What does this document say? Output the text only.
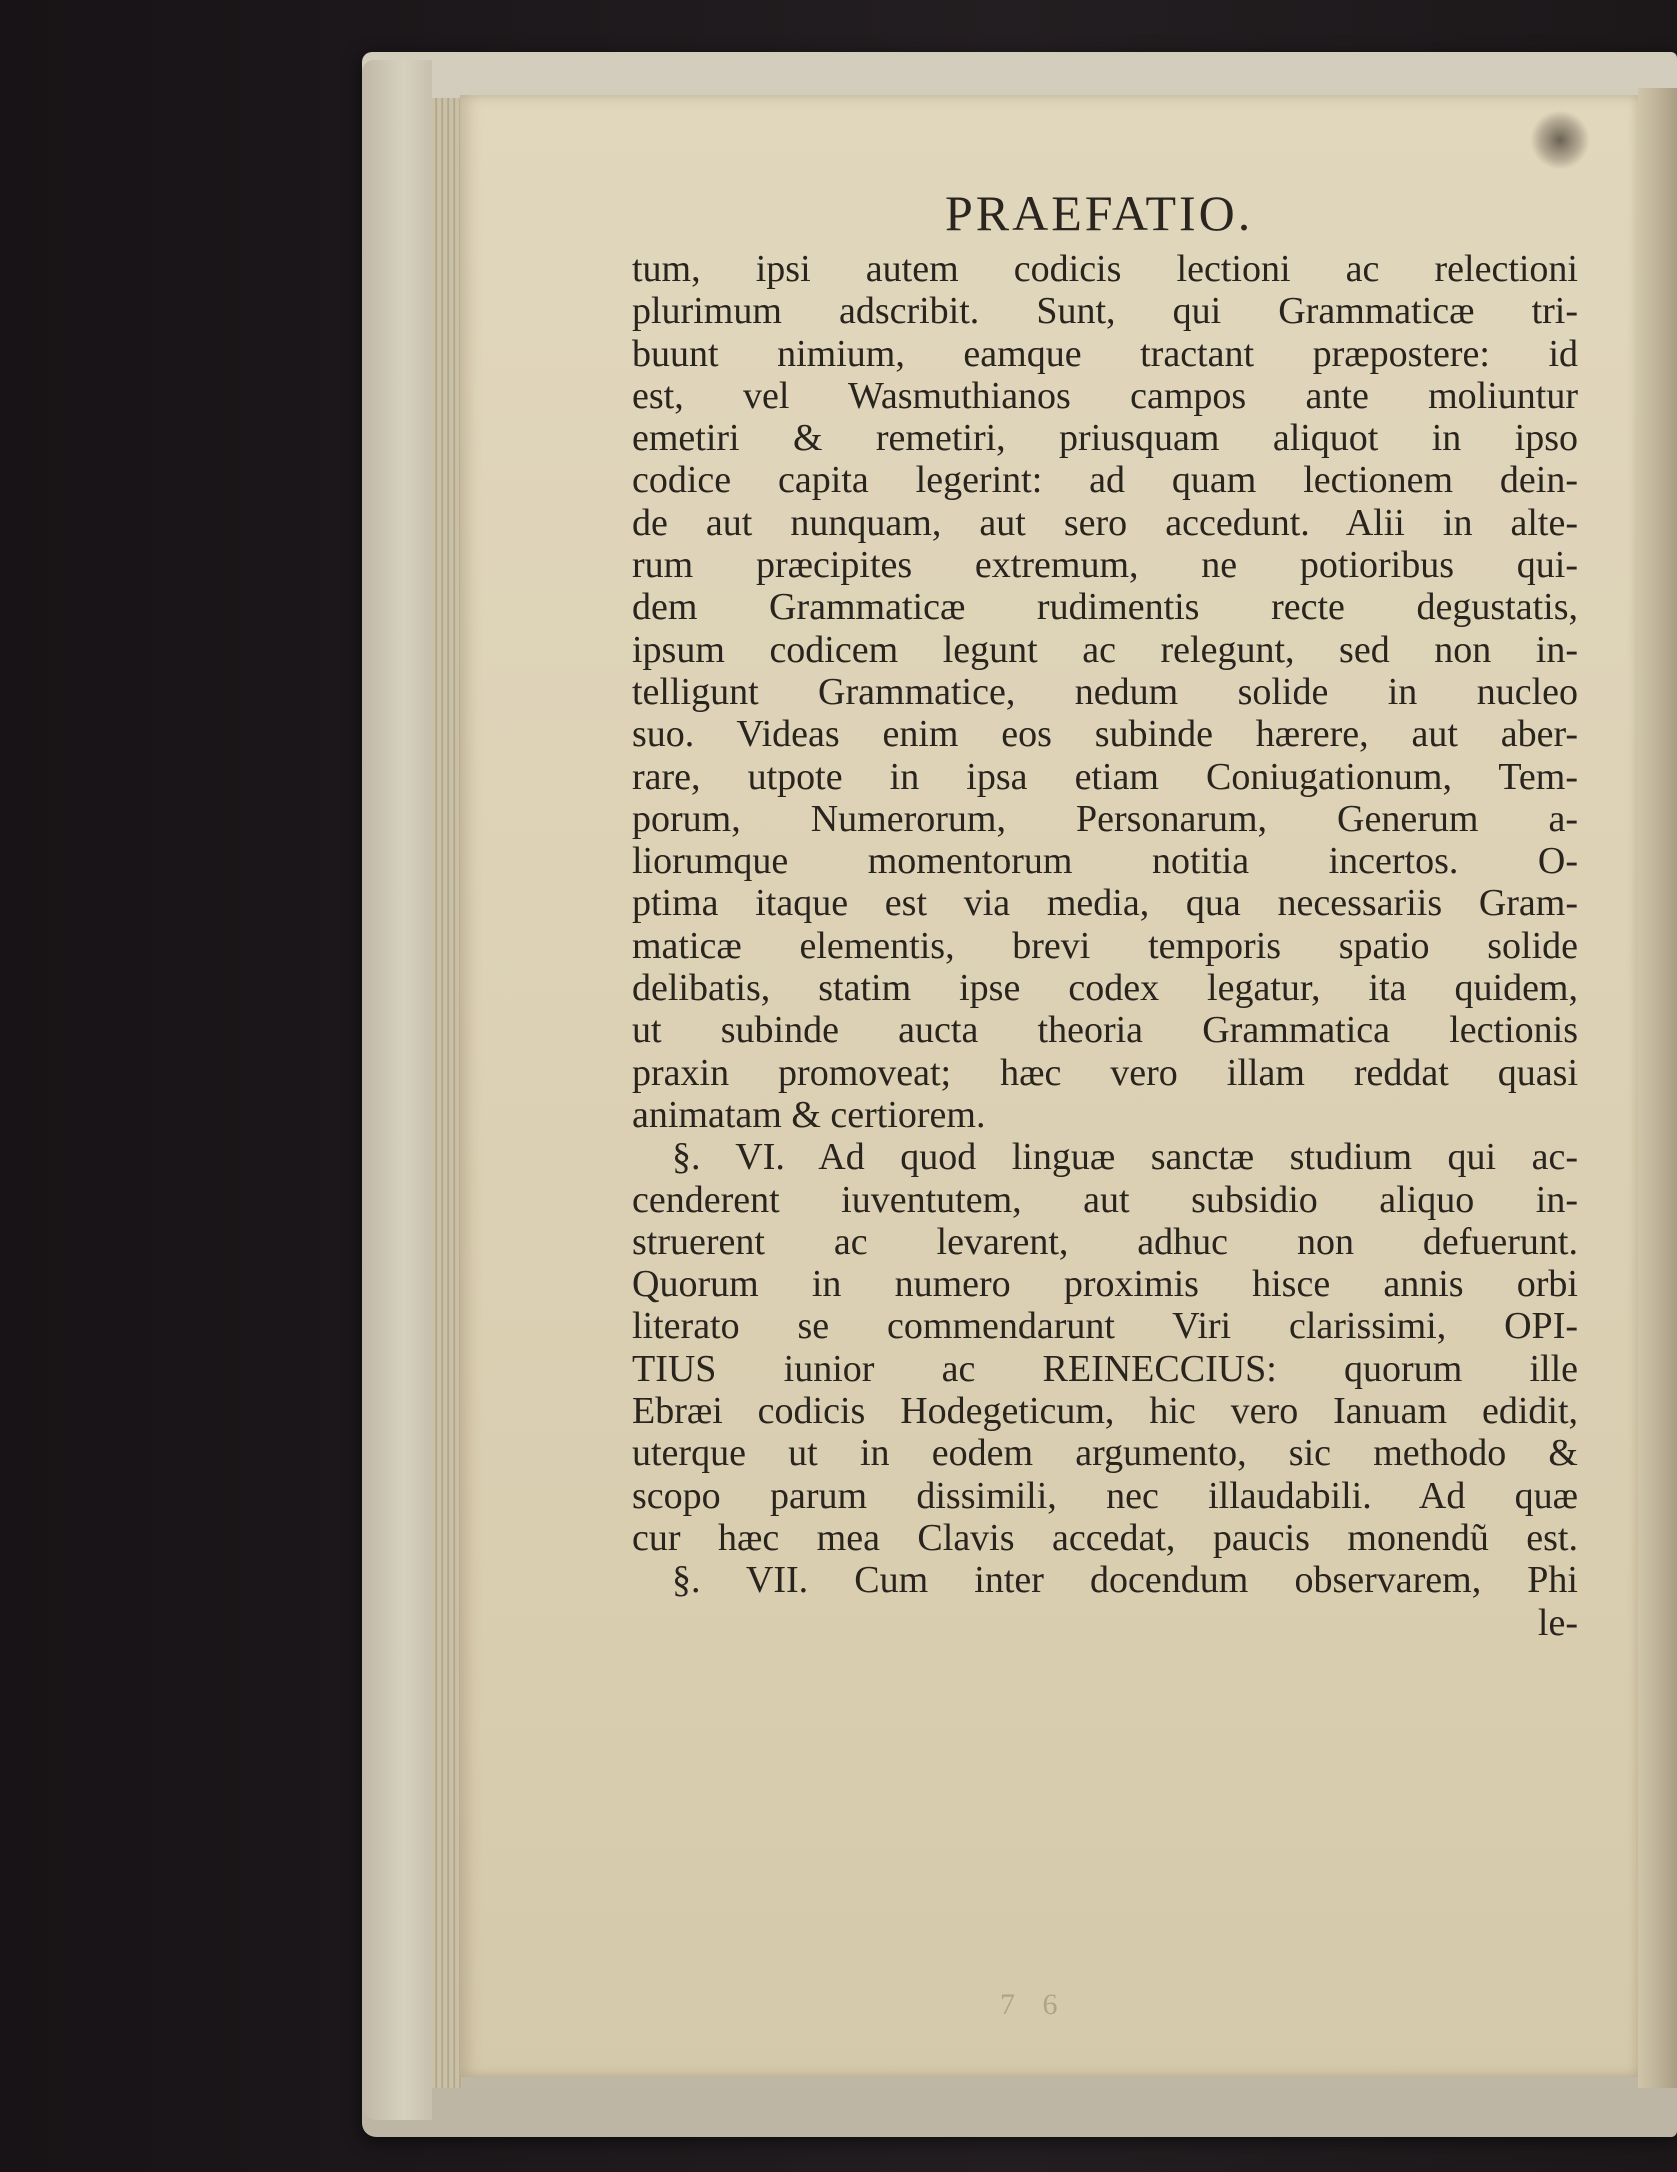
PRAEFATIO.
tum, ipsi autem codicis lectioni ac relectioni
plurimum adscribit. Sunt, qui Grammaticæ tri-
buunt nimium, eamque tractant præpostere: id
est, vel Wasmuthianos campos ante moliuntur
emetiri & remetiri, priusquam aliquot in ipso
codice capita legerint: ad quam lectionem dein-
de aut nunquam, aut sero accedunt. Alii in alte-
rum præcipites extremum, ne potioribus qui-
dem Grammaticæ rudimentis recte degustatis,
ipsum codicem legunt ac relegunt, sed non in-
telligunt Grammatice, nedum solide in nucleo
suo. Videas enim eos subinde hærere, aut aber-
rare, utpote in ipsa etiam Coniugationum, Tem-
porum, Numerorum, Personarum, Generum a-
liorumque momentorum notitia incertos. O-
ptima itaque est via media, qua necessariis Gram-
maticæ elementis, brevi temporis spatio solide
delibatis, statim ipse codex legatur, ita quidem,
ut subinde aucta theoria Grammatica lectionis
praxin promoveat; hæc vero illam reddat quasi
animatam & certiorem.
§. VI. Ad quod linguæ sanctæ studium qui ac-
cenderent iuventutem, aut subsidio aliquo in-
struerent ac levarent, adhuc non defuerunt.
Quorum in numero proximis hisce annis orbi
literato se commendarunt Viri clarissimi, OPI-
TIUS iunior ac REINECCIUS: quorum ille
Ebræi codicis Hodegeticum, hic vero Ianuam edidit,
uterque ut in eodem argumento, sic methodo &
scopo parum dissimili, nec illaudabili. Ad quæ
cur hæc mea Clavis accedat, paucis monendũ est.
§. VII. Cum inter docendum observarem, Phi
le-
7 6
